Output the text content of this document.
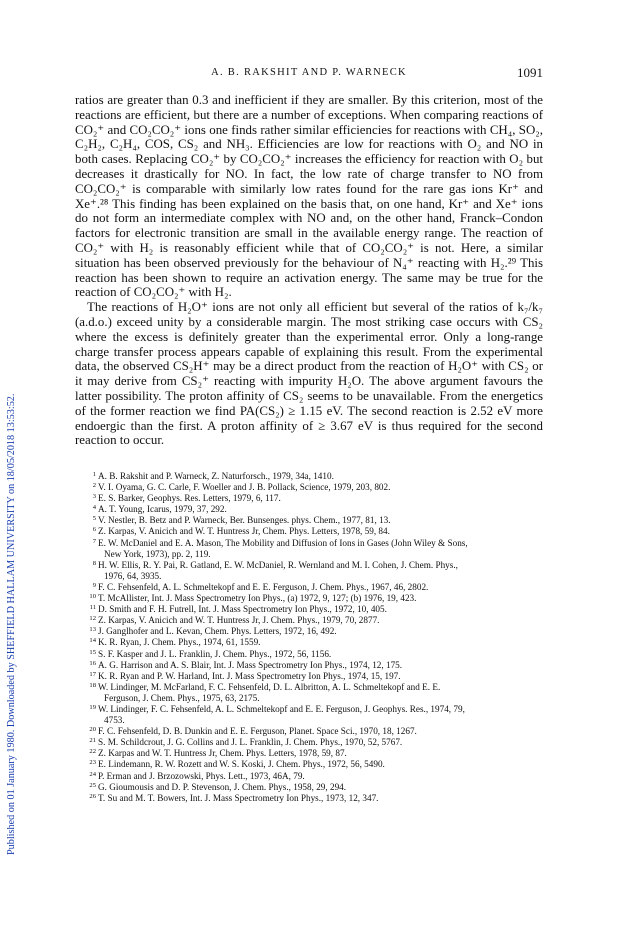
Published on 01 January 1980. Downloaded by SHEFFIELD HALLAM UNIVERSITY on 18/05/2018 13:53:52.
A. B. RAKSHIT AND P. WARNECK	1091

ratios are greater than 0.3 and inefficient if they are smaller. By this criterion, most of the reactions are efficient, but there are a number of exceptions. When comparing reactions of CO₂⁺ and CO₂CO₂⁺ ions one finds rather similar efficiencies for reactions with CH₄, SO₂, C₂H₂, C₂H₄, COS, CS₂ and NH₃. Efficiencies are low for reactions with O₂ and NO in both cases. Replacing CO₂⁺ by CO₂CO₂⁺ increases the efficiency for reaction with O₂ but decreases it drastically for NO. In fact, the low rate of charge transfer to NO from CO₂CO₂⁺ is comparable with similarly low rates found for the rare gas ions Kr⁺ and Xe⁺.²⁸ This finding has been explained on the basis that, on one hand, Kr⁺ and Xe⁺ ions do not form an intermediate complex with NO and, on the other hand, Franck–Condon factors for electronic transition are small in the available energy range. The reaction of CO₂⁺ with H₂ is reasonably efficient while that of CO₂CO₂⁺ is not. Here, a similar situation has been observed previously for the behaviour of N₄⁺ reacting with H₂.²⁹ This reaction has been shown to require an activation energy. The same may be true for the reaction of CO₂CO₂⁺ with H₂.

The reactions of H₂O⁺ ions are not only all efficient but several of the ratios of k₇/k₇ (a.d.o.) exceed unity by a considerable margin. The most striking case occurs with CS₂ where the excess is definitely greater than the experimental error. Only a long-range charge transfer process appears capable of explaining this result. From the experimental data, the observed CS₂H⁺ may be a direct product from the reaction of H₂O⁺ with CS₂ or it may derive from CS₂⁺ reacting with impurity H₂O. The above argument favours the latter possibility. The proton affinity of CS₂ seems to be unavailable. From the energetics of the former reaction we find PA(CS₂) ≥ 1.15 eV. The second reaction is 2.52 eV more endoergic than the first. A proton affinity of ≥ 3.67 eV is thus required for the second reaction to occur.

1 A. B. Rakshit and P. Warneck, Z. Naturforsch., 1979, 34a, 1410.
2 V. I. Oyama, G. C. Carle, F. Woeller and J. B. Pollack, Science, 1979, 203, 802.
3 E. S. Barker, Geophys. Res. Letters, 1979, 6, 117.
4 A. T. Young, Icarus, 1979, 37, 292.
5 V. Nestler, B. Betz and P. Warneck, Ber. Bunsenges. phys. Chem., 1977, 81, 13.
6 Z. Karpas, V. Anicich and W. T. Huntress Jr, Chem. Phys. Letters, 1978, 59, 84.
7 E. W. McDaniel and E. A. Mason, The Mobility and Diffusion of Ions in Gases (John Wiley & Sons,
New York, 1973), pp. 2, 119.
8 H. W. Ellis, R. Y. Pai, R. Gatland, E. W. McDaniel, R. Wernland and M. I. Cohen, J. Chem. Phys.,
1976, 64, 3935.
9 F. C. Fehsenfeld, A. L. Schmeltekopf and E. E. Ferguson, J. Chem. Phys., 1967, 46, 2802.
10 T. McAllister, Int. J. Mass Spectrometry Ion Phys., (a) 1972, 9, 127; (b) 1976, 19, 423.
11 D. Smith and F. H. Futrell, Int. J. Mass Spectrometry Ion Phys., 1972, 10, 405.
12 Z. Karpas, V. Anicich and W. T. Huntress Jr, J. Chem. Phys., 1979, 70, 2877.
13 J. Ganglhofer and L. Kevan, Chem. Phys. Letters, 1972, 16, 492.
14 K. R. Ryan, J. Chem. Phys., 1974, 61, 1559.
15 S. F. Kasper and J. L. Franklin, J. Chem. Phys., 1972, 56, 1156.
16 A. G. Harrison and A. S. Blair, Int. J. Mass Spectrometry Ion Phys., 1974, 12, 175.
17 K. R. Ryan and P. W. Harland, Int. J. Mass Spectrometry Ion Phys., 1974, 15, 197.
18 W. Lindinger, M. McFarland, F. C. Fehsenfeld, D. L. Albritton, A. L. Schmeltekopf and E. E.
Ferguson, J. Chem. Phys., 1975, 63, 2175.
19 W. Lindinger, F. C. Fehsenfeld, A. L. Schmeltekopf and E. E. Ferguson, J. Geophys. Res., 1974, 79,
4753.
20 F. C. Fehsenfeld, D. B. Dunkin and E. E. Ferguson, Planet. Space Sci., 1970, 18, 1267.
21 S. M. Schildcrout, J. G. Collins and J. L. Franklin, J. Chem. Phys., 1970, 52, 5767.
22 Z. Karpas and W. T. Huntress Jr, Chem. Phys. Letters, 1978, 59, 87.
23 E. Lindemann, R. W. Rozett and W. S. Koski, J. Chem. Phys., 1972, 56, 5490.
24 P. Erman and J. Brzozowski, Phys. Lett., 1973, 46A, 79.
25 G. Gioumousis and D. P. Stevenson, J. Chem. Phys., 1958, 29, 294.
26 T. Su and M. T. Bowers, Int. J. Mass Spectrometry Ion Phys., 1973, 12, 347.
